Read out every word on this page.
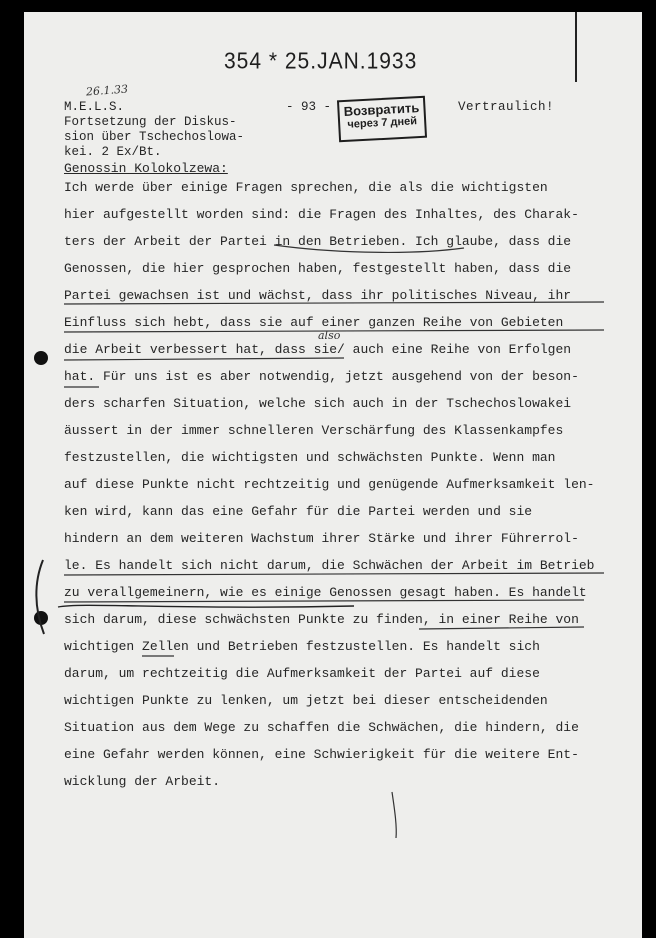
354 * 25.JAN.1933
26.1.33
M.E.L.S.
Fortsetzung der Diskus-
sion über Tschechoslowa-
kei. 2 Ex/Bt.
- 93 - Возвратить
через 7 дней
Vertraulich!
Genossin Kolokolzewa:
also
Ich werde über einige Fragen sprechen, die als die wichtigsten
hier aufgestellt worden sind: die Fragen des Inhaltes, des Charak-
ters der Arbeit der Partei in den Betrieben. Ich glaube, dass die
Genossen, die hier gesprochen haben, festgestellt haben, dass die
Partei gewachsen ist und wächst, dass ihr politisches Niveau, ihr
Einfluss sich hebt, dass sie auf einer ganzen Reihe von Gebieten
die Arbeit verbessert hat, dass sie/ auch eine Reihe von Erfolgen
hat. Für uns ist es aber notwendig, jetzt ausgehend von der beson-
ders scharfen Situation, welche sich auch in der Tschechoslowakei
äussert in der immer schnelleren Verschärfung des Klassenkampfes
festzustellen, die wichtigsten und schwächsten Punkte. Wenn man
auf diese Punkte nicht rechtzeitig und genügende Aufmerksamkeit len-
ken wird, kann das eine Gefahr für die Partei werden und sie
hindern an dem weiteren Wachstum ihrer Stärke und ihrer Führerrol-
le. Es handelt sich nicht darum, die Schwächen der Arbeit im Betrieb
zu verallgemeinern, wie es einige Genossen gesagt haben. Es handelt
sich darum, diese schwächsten Punkte zu finden, in einer Reihe von
wichtigen Zellen und Betrieben festzustellen. Es handelt sich
darum, um rechtzeitig die Aufmerksamkeit der Partei auf diese
wichtigen Punkte zu lenken, um jetzt bei dieser entscheidenden
Situation aus dem Wege zu schaffen die Schwächen, die hindern, die
eine Gefahr werden können, eine Schwierigkeit für die weitere Ent-
wicklung der Arbeit.
